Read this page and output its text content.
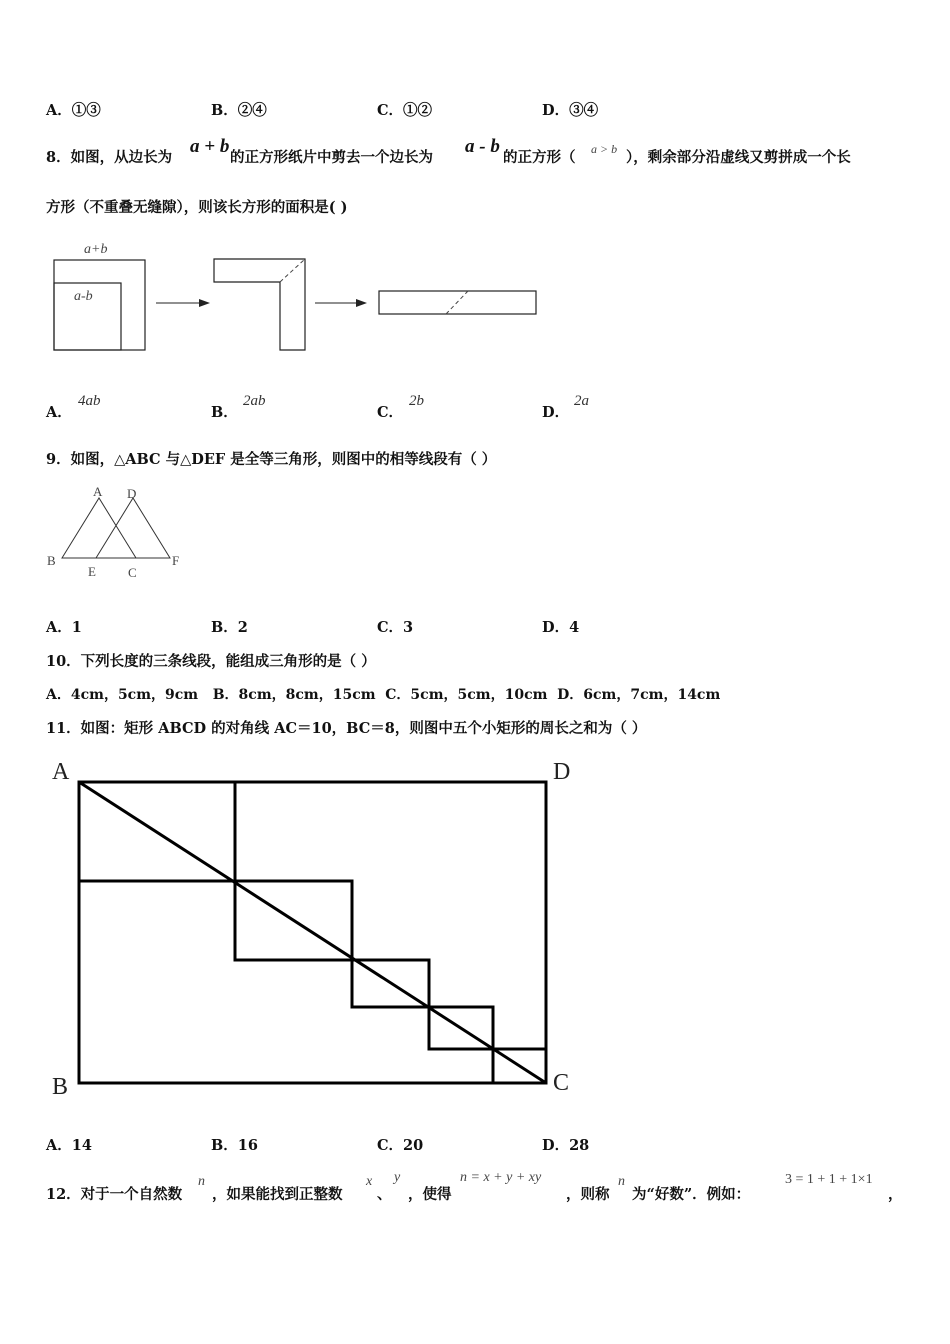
A．①③	B．②④	C．①②	D．③④
8．如图，从边长为
a + b
的正方形纸片中剪去一个边长为
a - b
的正方形（ a > b ），剩余部分沿虚线又剪拼成一个长
方形（不重叠无缝隙），则该长方形的面积是( )
a+b
a-b
A．
4ab
B．
2ab
C．
2b
D．
2a
9．如图，△ABC 与△DEF 是全等三角形，则图中的相等线段有（ ）
A D
B
E C
F
A．1	B．2	C．3	D．4
10．下列长度的三条线段，能组成三角形的是（ ）
A．4cm，5cm，9cm   B．8cm，8cm，15cm  C．5cm，5cm，10cm  D．6cm，7cm，14cm
11．如图：矩形 ABCD 的对角线 AC＝10，BC＝8，则图中五个小矩形的周长之和为（ ）
A	D
B	C
A．14	B．16	C．20	D．28
12．对于一个自然数
n
，如果能找到正整数
x
、
y
，使得
n = x + y + xy
，则称
n
为“好数”．例如：
3 = 1 + 1 + 1×1
，
